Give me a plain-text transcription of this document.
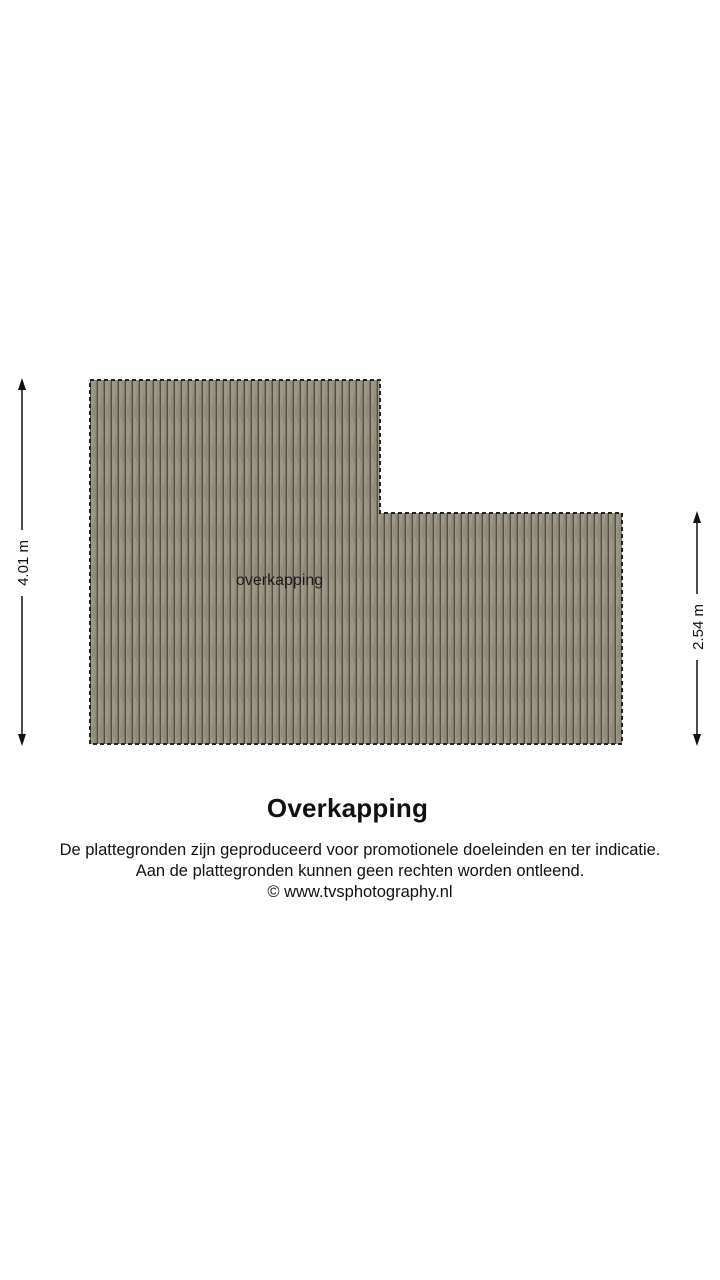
overkapping
4.01 m
2.54 m
Overkapping
De plattegronden zijn geproduceerd voor promotionele doeleinden en ter indicatie.
Aan de plattegronden kunnen geen rechten worden ontleend.
© www.tvsphotography.nl
